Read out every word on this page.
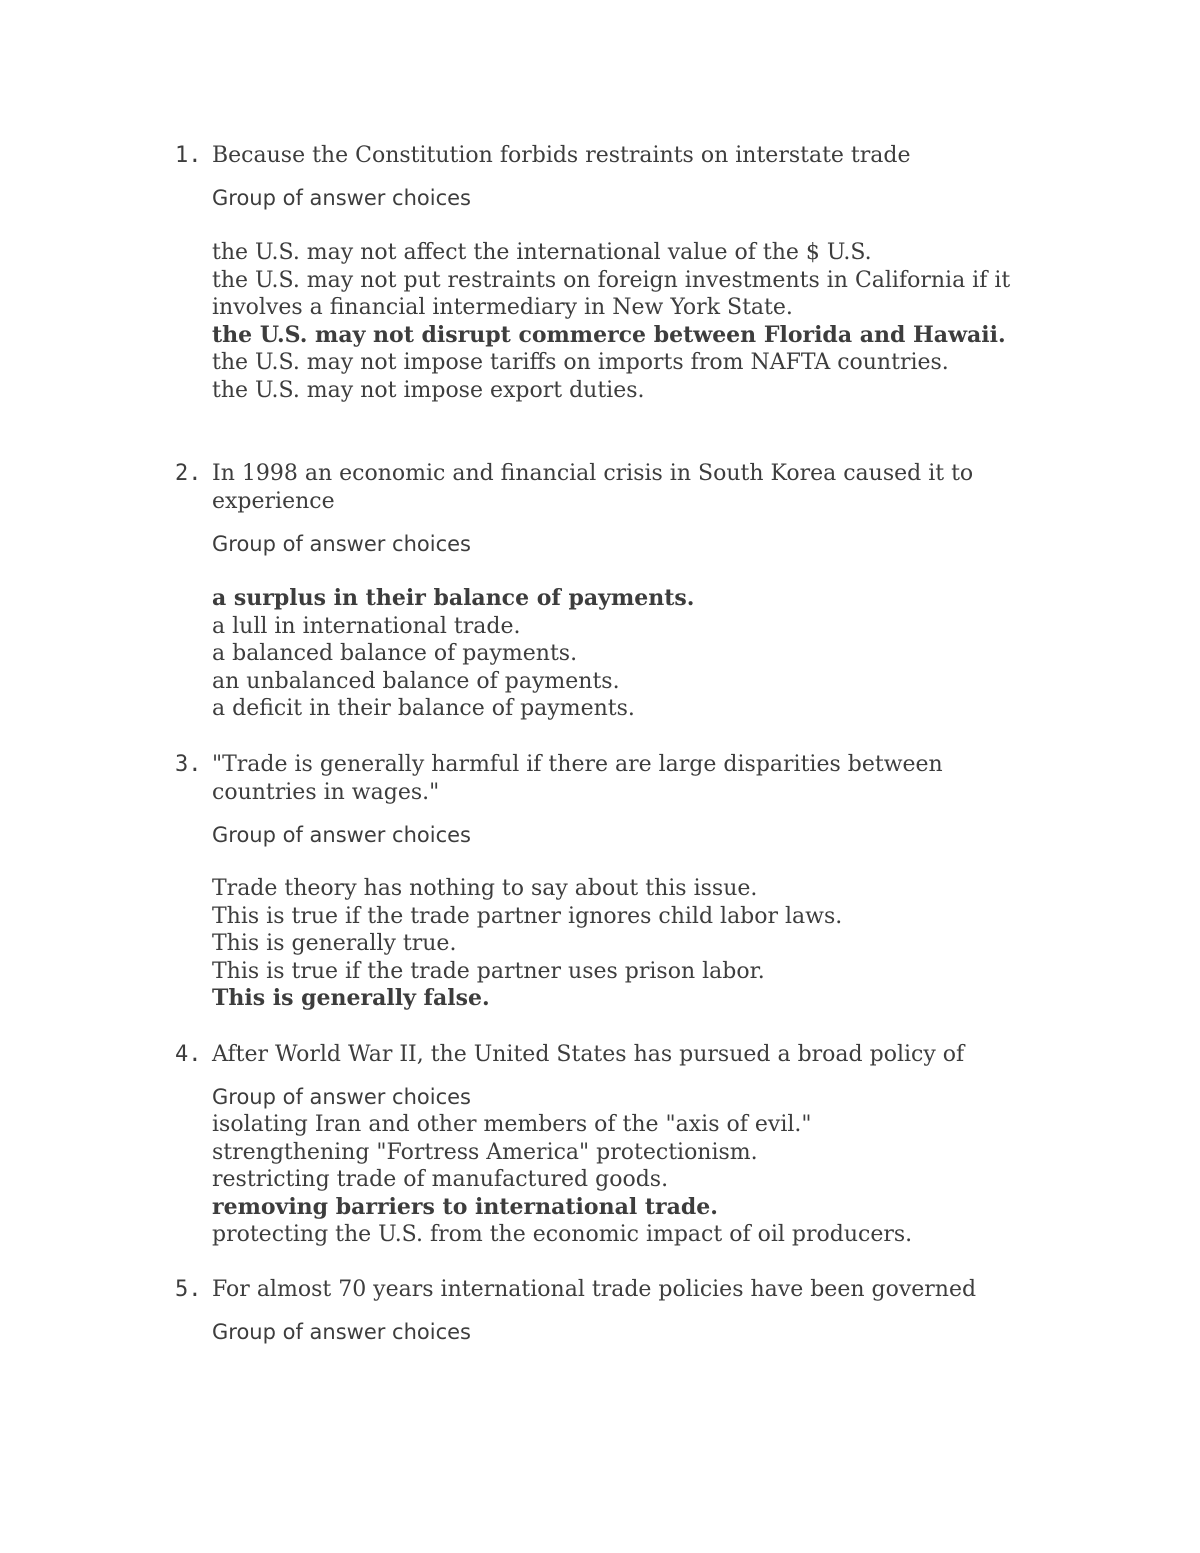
1. Because the Constitution forbids restraints on interstate trade
Group of answer choices
the U.S. may not affect the international value of the $ U.S.
the U.S. may not put restraints on foreign investments in California if it involves a financial intermediary in New York State.
the U.S. may not disrupt commerce between Florida and Hawaii.
the U.S. may not impose tariffs on imports from NAFTA countries.
the U.S. may not impose export duties.
2. In 1998 an economic and financial crisis in South Korea caused it to experience
Group of answer choices
a surplus in their balance of payments.
a lull in international trade.
a balanced balance of payments.
an unbalanced balance of payments.
a deficit in their balance of payments.
3. "Trade is generally harmful if there are large disparities between countries in wages."
Group of answer choices
Trade theory has nothing to say about this issue.
This is true if the trade partner ignores child labor laws.
This is generally true.
This is true if the trade partner uses prison labor.
This is generally false.
4. After World War II, the United States has pursued a broad policy of
Group of answer choices
isolating Iran and other members of the "axis of evil."
strengthening "Fortress America" protectionism.
restricting trade of manufactured goods.
removing barriers to international trade.
protecting the U.S. from the economic impact of oil producers.
5. For almost 70 years international trade policies have been governed
Group of answer choices
